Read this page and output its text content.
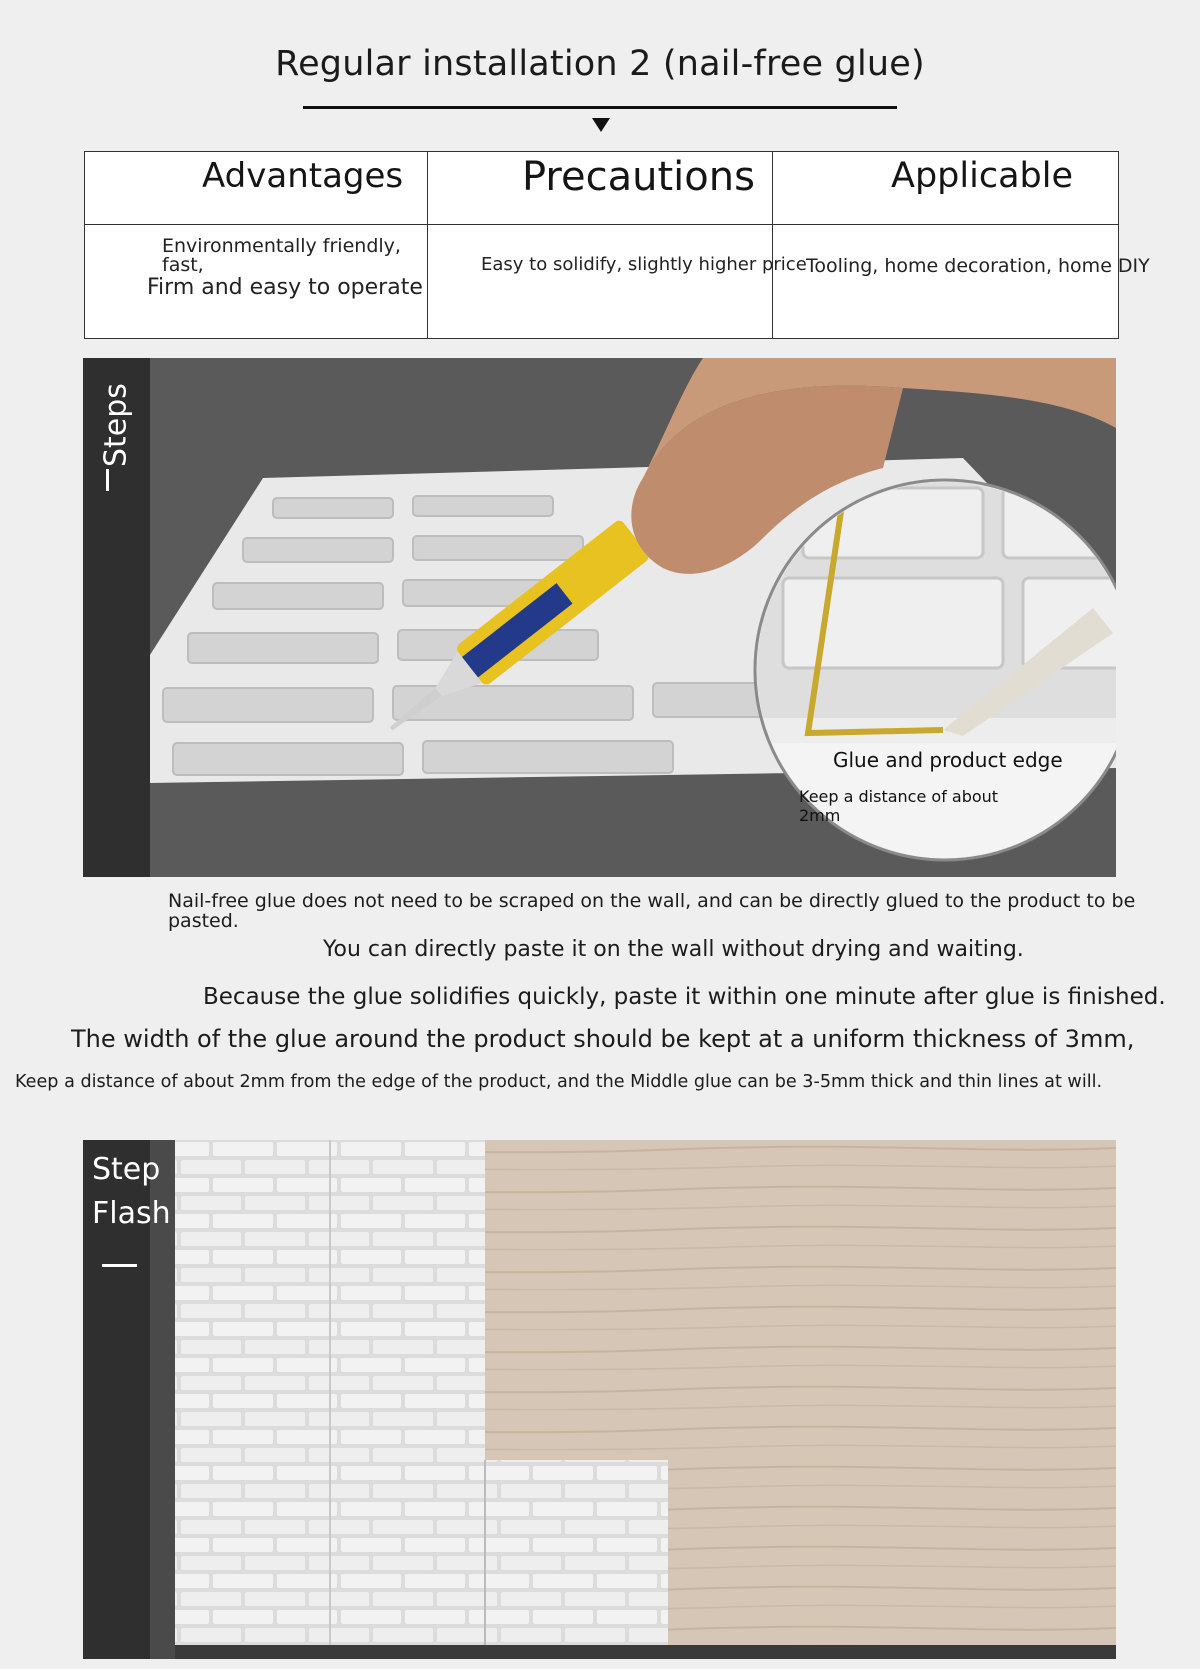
Regular installation 2 (nail-free glue)
Advantages	Precautions	Applicable

Environmentally friendly,
fast,
Firm and easy to operate	Easy to solidify, slightly higher price	Tooling, home decoration, home DIY
Steps
Glue and product edge
Keep a distance of about
2mm
Nail-free glue does not need to be scraped on the wall, and can be directly glued to the product to be
pasted.
You can directly paste it on the wall without drying and waiting.
Because the glue solidifies quickly, paste it within one minute after glue is finished.
The width of the glue around the product should be kept at a uniform thickness of 3mm,
Keep a distance of about 2mm from the edge of the product, and the Middle glue can be 3-5mm thick and thin lines at will.
Step
Flash
